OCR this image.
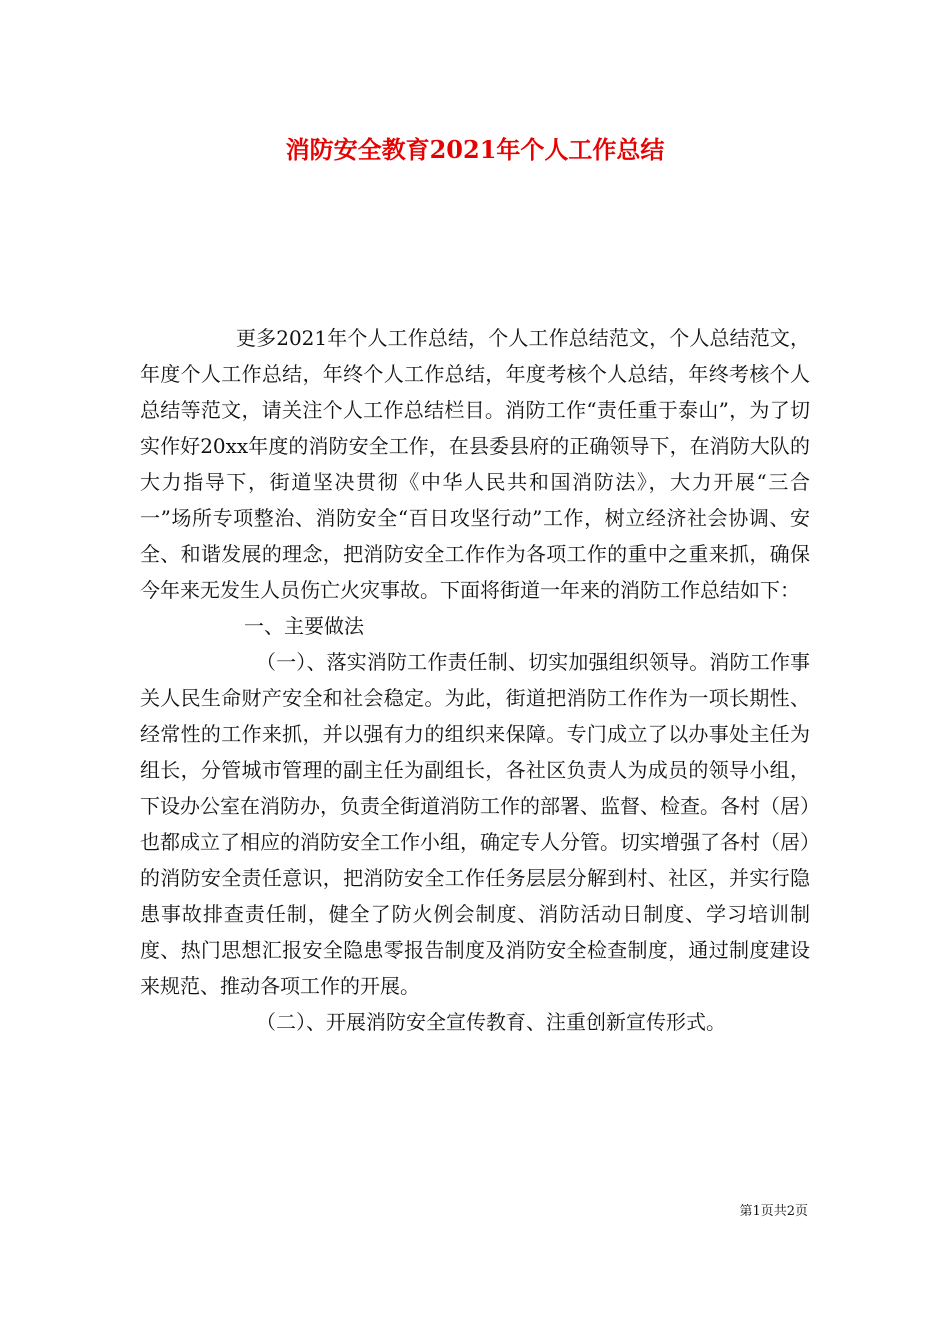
消防安全教育2021年个人工作总结

更多2021年个人工作总结，个人工作总结范文，个人总结范文，年度个人工作总结，年终个人工作总结，年度考核个人总结，年终考核个人总结等范文，请关注个人工作总结栏目。消防工作“责任重于泰山”，为了切实作好20xx年度的消防安全工作，在县委县府的正确领导下，在消防大队的大力指导下，街道坚决贯彻《中华人民共和国消防法》，大力开展“三合一”场所专项整治、消防安全“百日攻坚行动”工作，树立经济社会协调、安全、和谐发展的理念，把消防安全工作作为各项工作的重中之重来抓，确保今年来无发生人员伤亡火灾事故。下面将街道一年来的消防工作总结如下：

一、主要做法

（一）、落实消防工作责任制、切实加强组织领导。消防工作事关人民生命财产安全和社会稳定。为此，街道把消防工作作为一项长期性、经常性的工作来抓，并以强有力的组织来保障。专门成立了以办事处主任为组长，分管城市管理的副主任为副组长，各社区负责人为成员的领导小组，下设办公室在消防办，负责全街道消防工作的部署、监督、检查。各村（居）也都成立了相应的消防安全工作小组，确定专人分管。切实增强了各村（居）的消防安全责任意识，把消防安全工作任务层层分解到村、社区，并实行隐患事故排查责任制，健全了防火例会制度、消防活动日制度、学习培训制度、热门思想汇报安全隐患零报告制度及消防安全检查制度，通过制度建设来规范、推动各项工作的开展。

（二）、开展消防安全宣传教育、注重创新宣传形式。

第1页共2页
